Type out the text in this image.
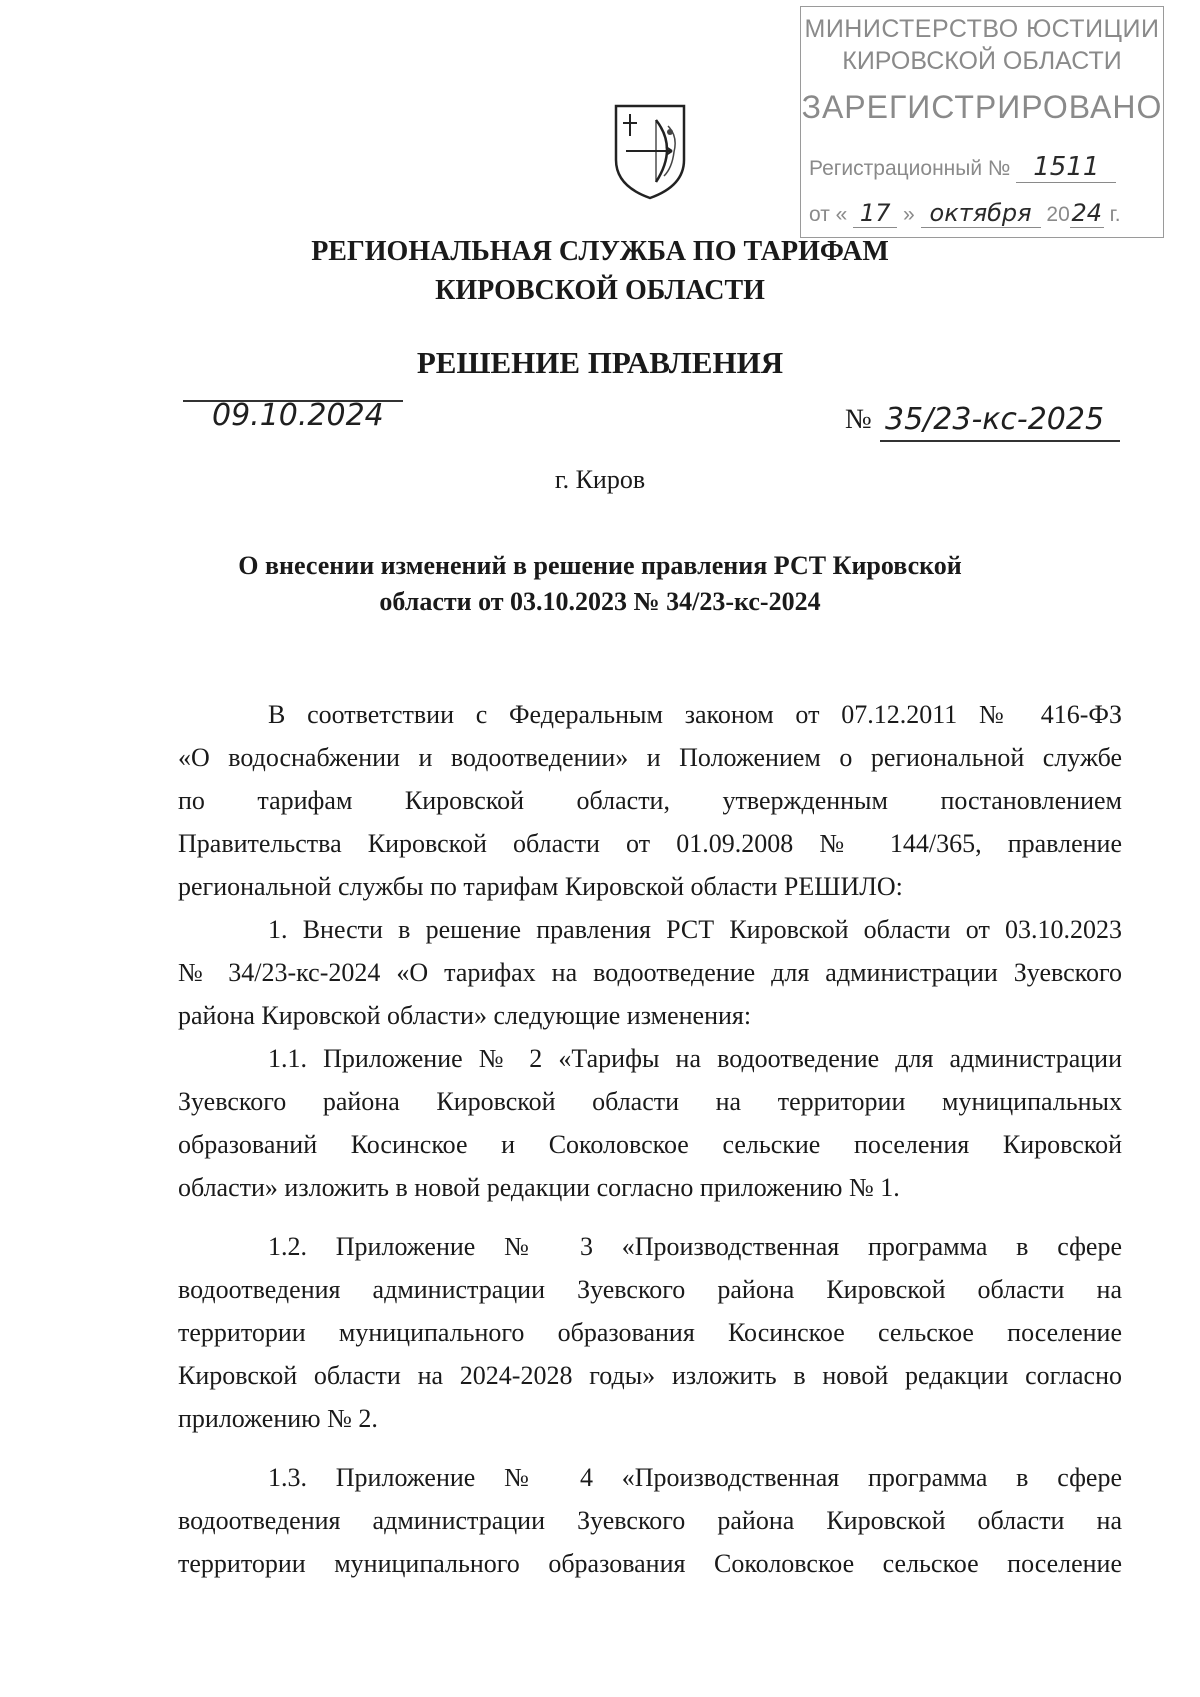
МИНИСТЕРСТВО ЮСТИЦИИ
КИРОВСКОЙ ОБЛАСТИ
ЗАРЕГИСТРИРОВАНО
Регистрационный № 1511
от « 17 » октября 2024 г.
РЕГИОНАЛЬНАЯ СЛУЖБА ПО ТАРИФАМ
КИРОВСКОЙ ОБЛАСТИ
РЕШЕНИЕ ПРАВЛЕНИЯ
09.10.2024	№ 35/23-кс-2025
г. Киров
О внесении изменений в решение правления РСТ Кировской
области от 03.10.2023 № 34/23-кс-2024
В соответствии с Федеральным законом от 07.12.2011 № 416-ФЗ
«О водоснабжении и водоотведении» и Положением о региональной службе
по тарифам Кировской области, утвержденным постановлением
Правительства Кировской области от 01.09.2008 № 144/365, правление
региональной службы по тарифам Кировской области РЕШИЛО:
1. Внести в решение правления РСТ Кировской области от 03.10.2023
№ 34/23-кс-2024 «О тарифах на водоотведение для администрации Зуевского
района Кировской области» следующие изменения:
1.1. Приложение № 2 «Тарифы на водоотведение для администрации
Зуевского района Кировской области на территории муниципальных
образований Косинское и Соколовское сельские поселения Кировской
области» изложить в новой редакции согласно приложению № 1.
1.2. Приложение № 3 «Производственная программа в сфере
водоотведения администрации Зуевского района Кировской области на
территории муниципального образования Косинское сельское поселение
Кировской области на 2024-2028 годы» изложить в новой редакции согласно
приложению № 2.
1.3. Приложение № 4 «Производственная программа в сфере
водоотведения администрации Зуевского района Кировской области на
территории муниципального образования Соколовское сельское поселение
